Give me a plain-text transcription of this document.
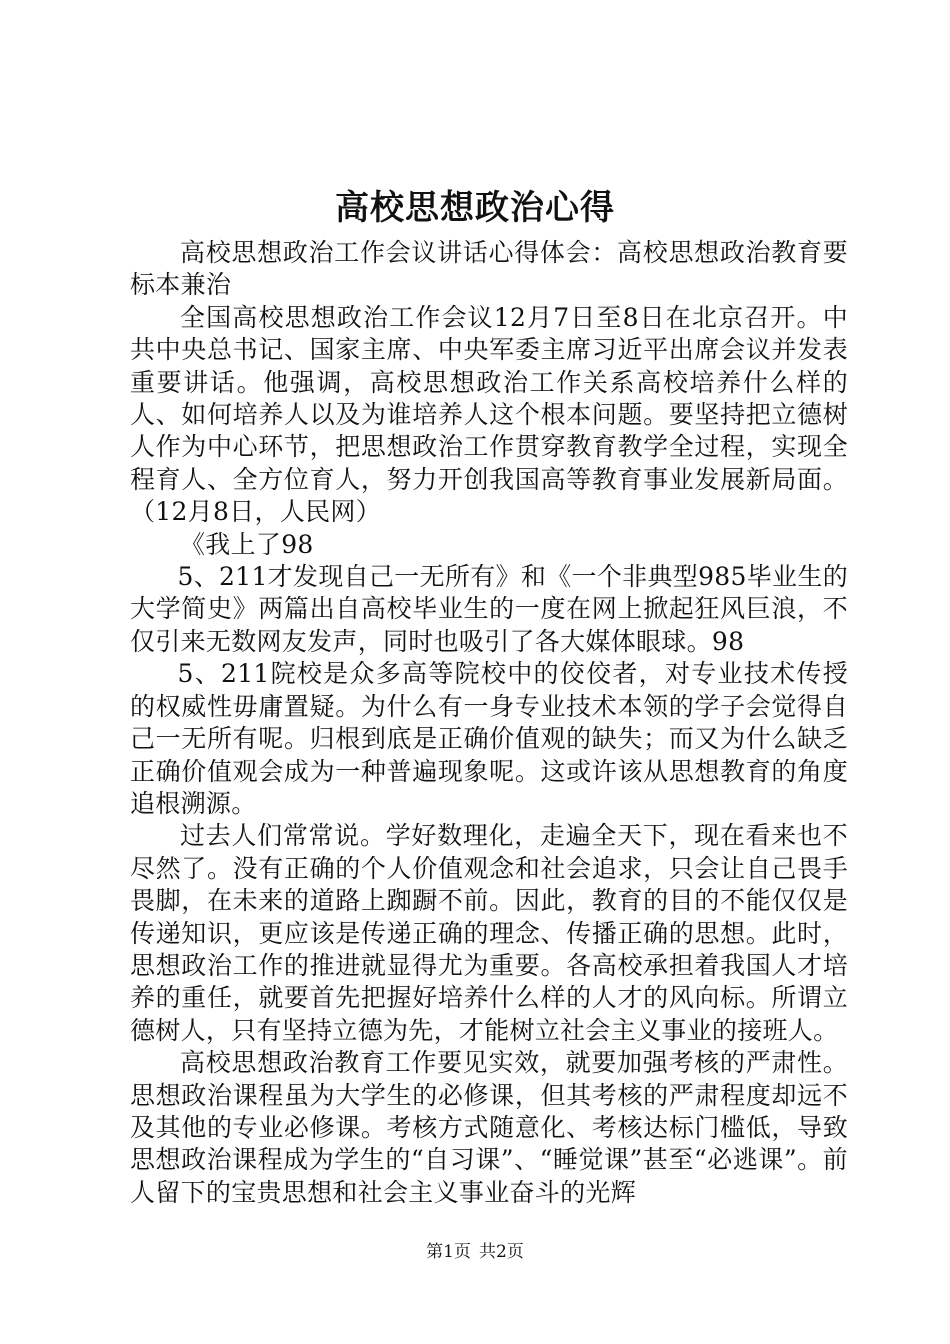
高校思想政治心得

高校思想政治工作会议讲话心得体会：高校思想政治教育要标本兼治

全国高校思想政治工作会议12月7日至8日在北京召开。中共中央总书记、国家主席、中央军委主席习近平出席会议并发表重要讲话。他强调，高校思想政治工作关系高校培养什么样的人、如何培养人以及为谁培养人这个根本问题。要坚持把立德树人作为中心环节，把思想政治工作贯穿教育教学全过程，实现全程育人、全方位育人，努力开创我国高等教育事业发展新局面。（12月8日，人民网）

《我上了98

5、211才发现自己一无所有》和《一个非典型985毕业生的大学简史》两篇出自高校毕业生的一度在网上掀起狂风巨浪，不仅引来无数网友发声，同时也吸引了各大媒体眼球。98

5、211院校是众多高等院校中的佼佼者，对专业技术传授的权威性毋庸置疑。为什么有一身专业技术本领的学子会觉得自己一无所有呢。归根到底是正确价值观的缺失；而又为什么缺乏正确价值观会成为一种普遍现象呢。这或许该从思想教育的角度追根溯源。

过去人们常常说。学好数理化，走遍全天下，现在看来也不尽然了。没有正确的个人价值观念和社会追求，只会让自己畏手畏脚，在未来的道路上踟蹰不前。因此，教育的目的不能仅仅是传递知识，更应该是传递正确的理念、传播正确的思想。此时，思想政治工作的推进就显得尤为重要。各高校承担着我国人才培养的重任，就要首先把握好培养什么样的人才的风向标。所谓立德树人，只有坚持立德为先，才能树立社会主义事业的接班人。

高校思想政治教育工作要见实效，就要加强考核的严肃性。思想政治课程虽为大学生的必修课，但其考核的严肃程度却远不及其他的专业必修课。考核方式随意化、考核达标门槛低，导致思想政治课程成为学生的“自习课”、“睡觉课”甚至“必逃课”。前人留下的宝贵思想和社会主义事业奋斗的光辉

第1页 共2页
